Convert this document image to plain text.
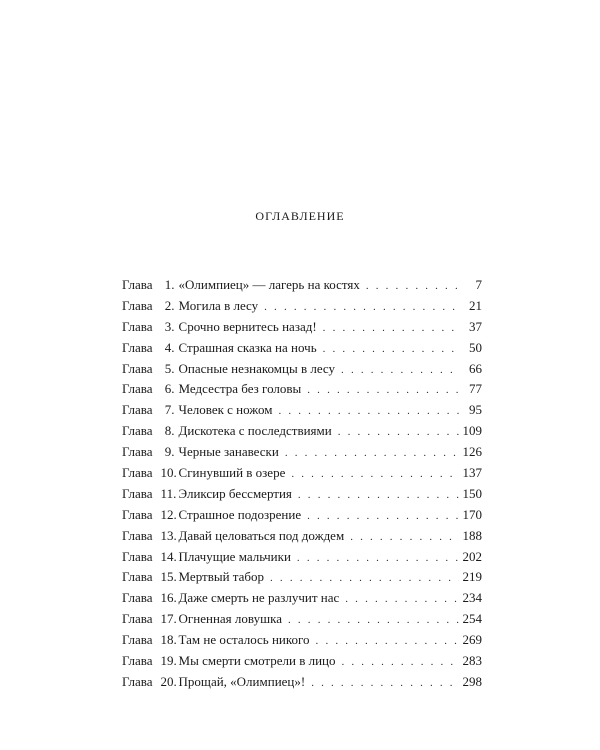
оглавление
Глава 1. «Олимпиец» — лагерь на костях . . .	7
Глава 2. Могила в лесу . . .	21
Глава 3. Срочно вернитесь назад! . . .	37
Глава 4. Страшная сказка на ночь . . .	50
Глава 5. Опасные незнакомцы в лесу . . .	66
Глава 6. Медсестра без головы . . .	77
Глава 7. Человек с ножом . . .	95
Глава 8. Дискотека с последствиями . . .	109
Глава 9. Черные занавески . . .	126
Глава 10. Сгинувший в озере . . .	137
Глава 11. Эликсир бессмертия . . .	150
Глава 12. Страшное подозрение . . .	170
Глава 13. Давай целоваться под дождем . . .	188
Глава 14. Плачущие мальчики . . .	202
Глава 15. Мертвый табор . . .	219
Глава 16. Даже смерть не разлучит нас . . .	234
Глава 17. Огненная ловушка . . .	254
Глава 18. Там не осталось никого . . .	269
Глава 19. Мы смерти смотрели в лицо . . .	283
Глава 20. Прощай, «Олимпиец»! . . .	298
